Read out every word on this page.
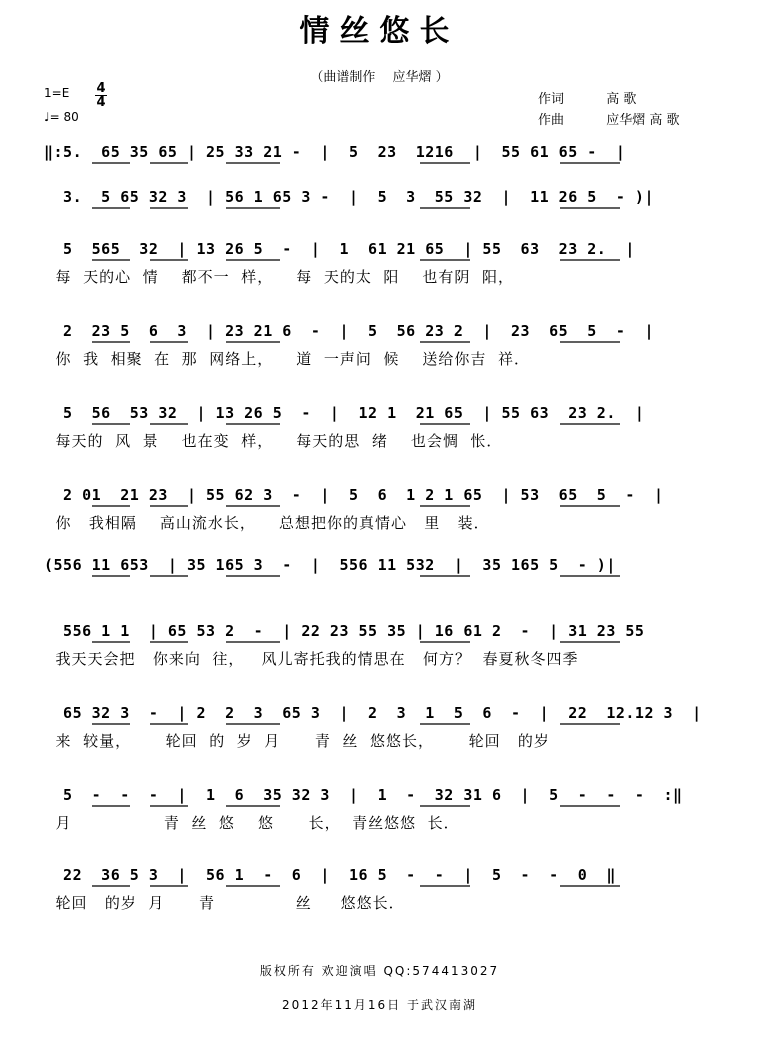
情丝悠长
（曲谱制作　 应华熠 ）
1=E 4
4
♩= 80
作词	高 歌
作曲	应华熠 高 歌
‖:5.  65 35 65 | 25 33 21 -  |  5  23  1216  |  55 61 65 -  |
3.  5 65 32 3  | 56 1 65 3 -  |  5  3  55 32  |  11 26 5  - )|
5  565  32  | 13 26 5  -  |  1  61 21 65  | 55  63  23 2.  |
每  天的心  情    都不一  样，    每  天的太  阳    也有阴  阳，
2  23 5  6  3  | 23 21 6  -  |  5  56 23 2  |  23  65  5  -  |
你  我  相聚  在  那  网络上，    道  一声问  候    送给你吉  祥．
5  56  53 32  | 13 26 5  -  |  12 1  21 65  | 55 63  23 2.  |
每天的  风  景    也在变  样，    每天的思  绪    也会惆  怅．
2 01  21 23  | 55 62 3  -  |  5  6  1 2 1 65  | 53  65  5  -  |
你   我相隔    高山流水长，    总想把你的真情心   里   装．
(556 11 653  | 35 165 3  -  |  556 11 532  |  35 165 5  - )|
556 1 1  | 65 53 2  -  | 22 23 55 35 | 16 61 2  -  | 31 23 55
我天天会把   你来向  往，   风儿寄托我的情思在   何方？  春夏秋冬四季
65 32 3  -  | 2  2  3  65 3  |  2  3  1  5  6  -  |  22  12.12 3  |
来  较量，      轮回  的  岁  月      青  丝  悠悠长，      轮回   的岁
5  -  -  -  |  1  6  35 32 3  |  1  -  32 31 6  |  5  -  -  -  :‖
月                青  丝  悠    悠      长，  青丝悠悠  长．
22  36 5 3  |  56 1  -  6  |  16 5  -  -  |  5  -  -  0  ‖
轮回   的岁  月      青              丝     悠悠长．
版权所有 欢迎演唱 QQ:574413027
2012年11月16日 于武汉南湖
